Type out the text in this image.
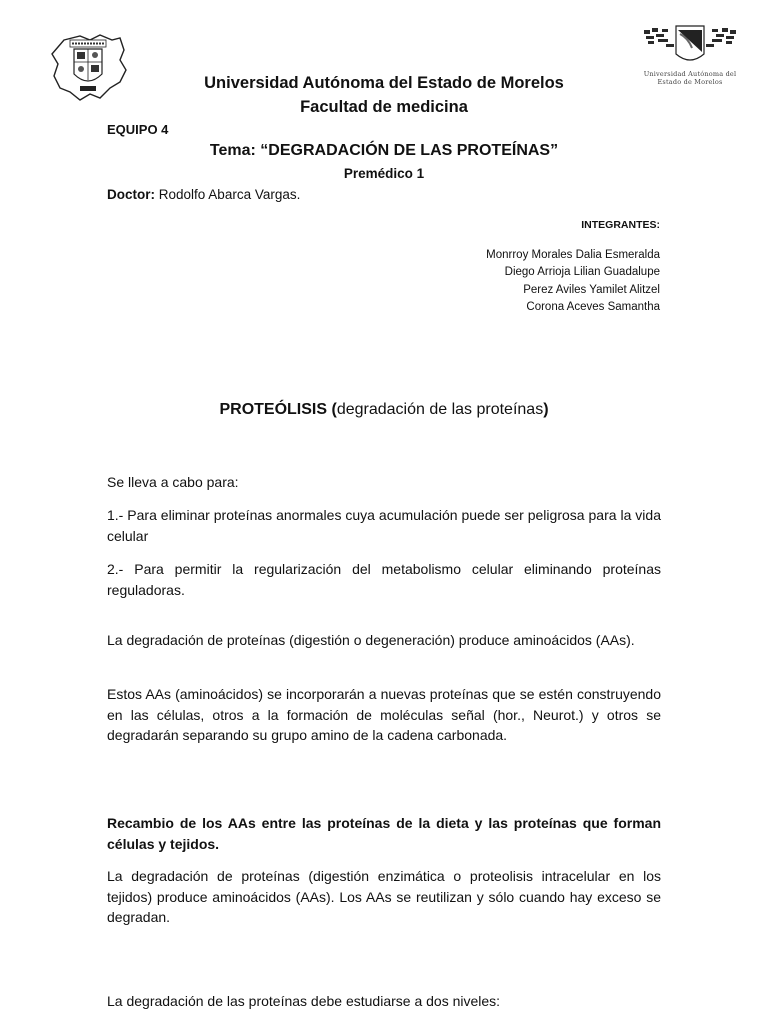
Universidad Autónoma del
Estado de Morelos
Universidad Autónoma del Estado de Morelos
Facultad de medicina
EQUIPO 4
Tema: “DEGRADACIÓN DE LAS PROTEÍNAS”
Premédico 1
Doctor: Rodolfo Abarca Vargas.
INTEGRANTES:
Monrroy Morales Dalia Esmeralda
Diego Arrioja Lilian Guadalupe
Perez Aviles Yamilet Alitzel
Corona Aceves Samantha
PROTEÓLISIS (degradación de las proteínas)
Se lleva a cabo para:
1.- Para eliminar proteínas anormales cuya acumulación puede ser peligrosa para la vida celular
2.- Para permitir la regularización del metabolismo celular eliminando proteínas reguladoras.
La degradación de proteínas (digestión o degeneración) produce aminoácidos (AAs).
Estos AAs (aminoácidos) se incorporarán a nuevas proteínas que se estén construyendo en las células, otros a la formación de moléculas señal (hor., Neurot.) y otros se degradarán separando su grupo amino de la cadena carbonada.
Recambio de los AAs entre las proteínas de la dieta y las proteínas que forman células y tejidos.
La degradación de proteínas (digestión enzimática o proteolisis intracelular en los tejidos) produce aminoácidos (AAs). Los AAs se reutilizan y sólo cuando hay exceso se degradan.
La degradación de las proteínas debe estudiarse a dos niveles:
